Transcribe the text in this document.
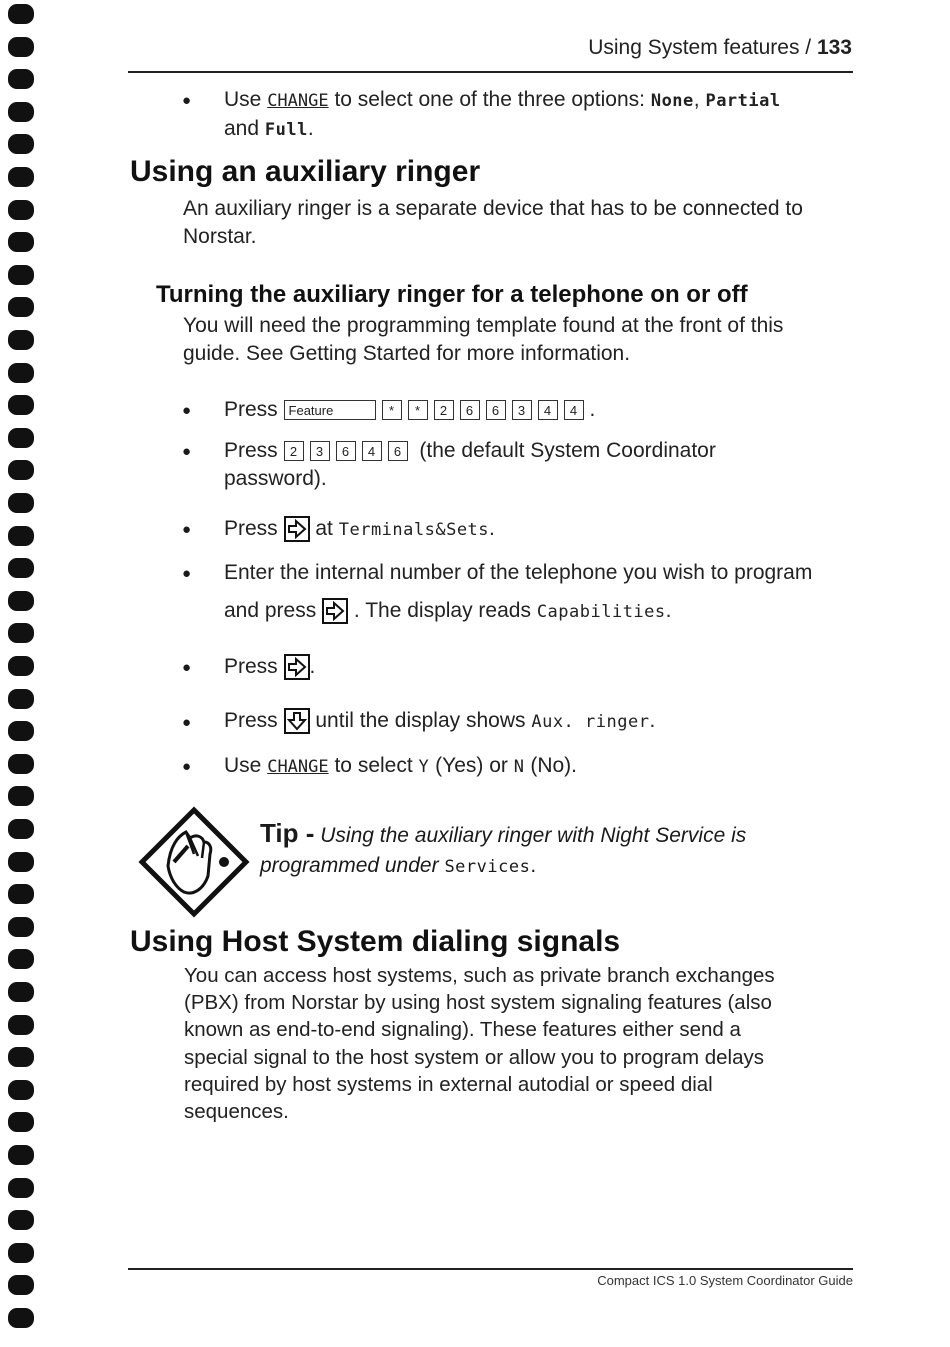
Using System features / 133
● Use CHANGE to select one of the three options: None, Partial
and Full.
Using an auxiliary ringer
An auxiliary ringer is a separate device that has to be connected to
Norstar.
Turning the auxiliary ringer for a telephone on or off
You will need the programming template found at the front of this
guide. See Getting Started for more information.
● Press Feature	* * 2 6 6 3 4 4 .
● Press 2 3 6 4 6 (the default System Coordinator
password).
● Press at Terminals&Sets.
● Enter the internal number of the telephone you wish to program
and press . The display reads Capabilities.
● Press .
● Press until the display shows Aux. ringer.
● Use CHANGE to select Y (Yes) or N (No).
Tip - Using the auxiliary ringer with Night Service is
programmed under Services.
Using Host System dialing signals
You can access host systems, such as private branch exchanges
(PBX) from Norstar by using host system signaling features (also
known as end-to-end signaling). These features either send a
special signal to the host system or allow you to program delays
required by host systems in external autodial or speed dial
sequences.
Compact ICS 1.0 System Coordinator Guide
